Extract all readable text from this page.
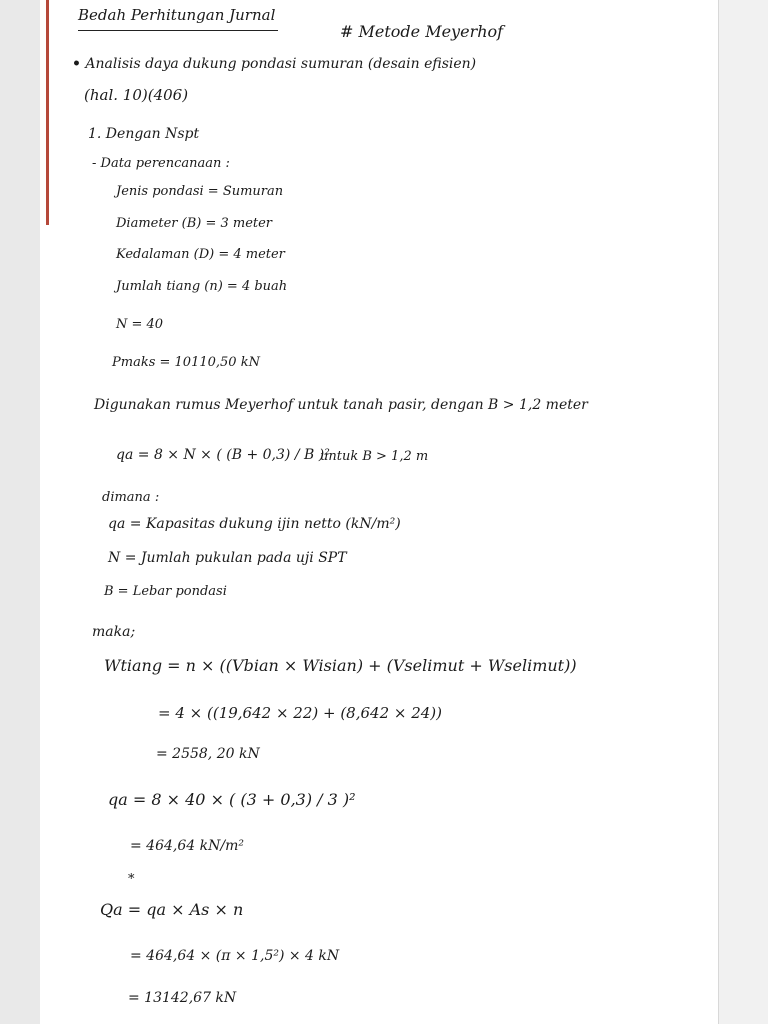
Bedah Perhitungan Jurnal
# Metode Meyerhof
• Analisis daya dukung pondasi sumuran (desain efisien)
(hal. 10)(406)
1. Dengan Nspt
- Data perencanaan :
Jenis pondasi = Sumuran
Diameter (B) = 3 meter
Kedalaman (D) = 4 meter
Jumlah tiang (n) = 4 buah
N = 40
Pmaks = 10110,50 kN
Digunakan rumus Meyerhof untuk tanah pasir, dengan B > 1,2 meter
qa = 8 × N × ( (B + 0,3) / B )²
untuk B > 1,2 m
dimana :
qa = Kapasitas dukung ijin netto (kN/m²)
N = Jumlah pukulan pada uji SPT
B = Lebar pondasi
maka;
Wtiang = n × ((Vbian × Wisian) + (Vselimut + Wselimut))
= 4 × ((19,642 × 22) + (8,642 × 24))
= 2558, 20 kN
qa = 8 × 40 × ( (3 + 0,3) / 3 )²
= 464,64 kN/m²
*
Qa = qa × As × n
= 464,64 × (π × 1,5²) × 4 kN
= 13142,67 kN
